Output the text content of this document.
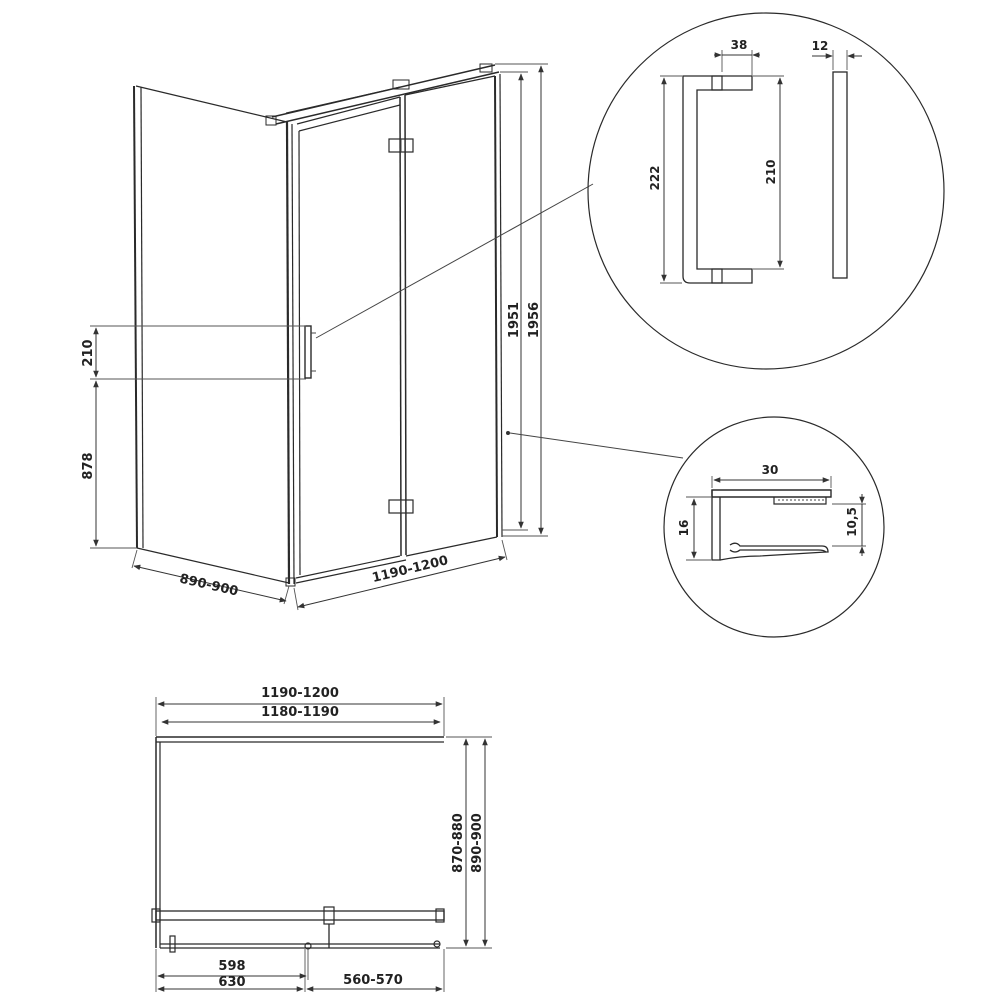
210
878
890-900	1190-1200
1951 1956
38	12
222	210
30
16	10,5
1190-1200
1180-1190
870-880 890-900
598
630	560-570
